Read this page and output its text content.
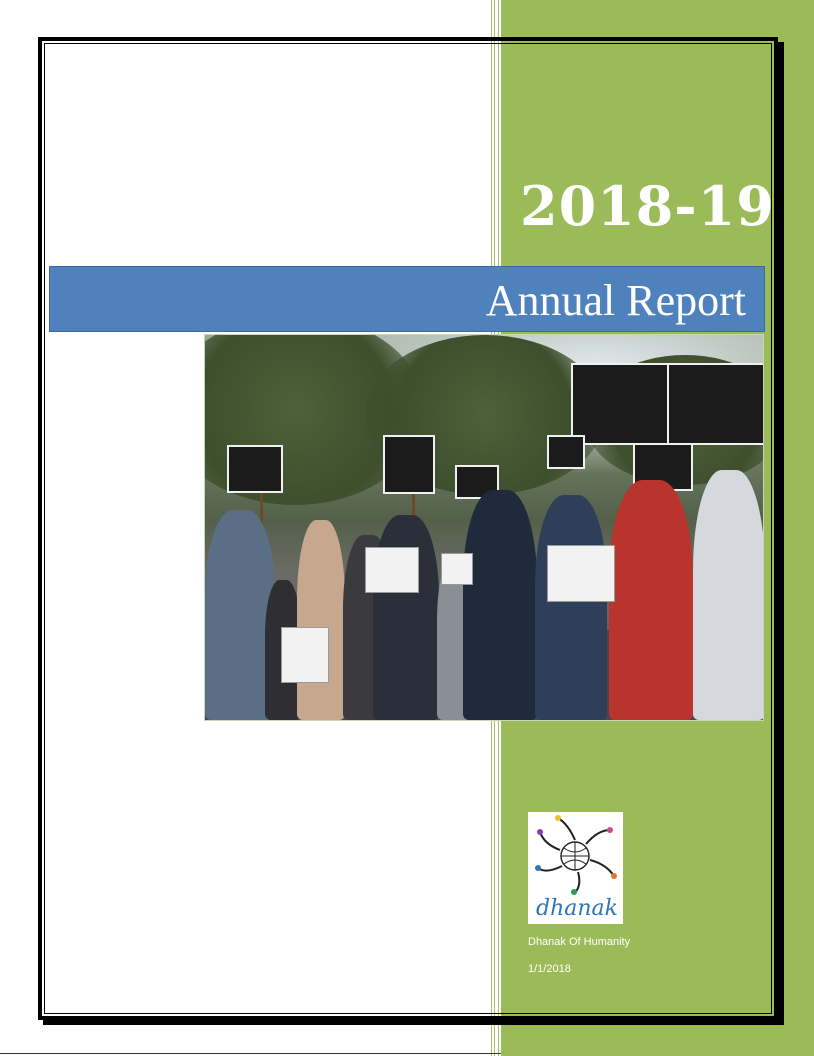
2018-19
Annual Report
dhanak
Dhanak Of Humanity
1/1/2018
